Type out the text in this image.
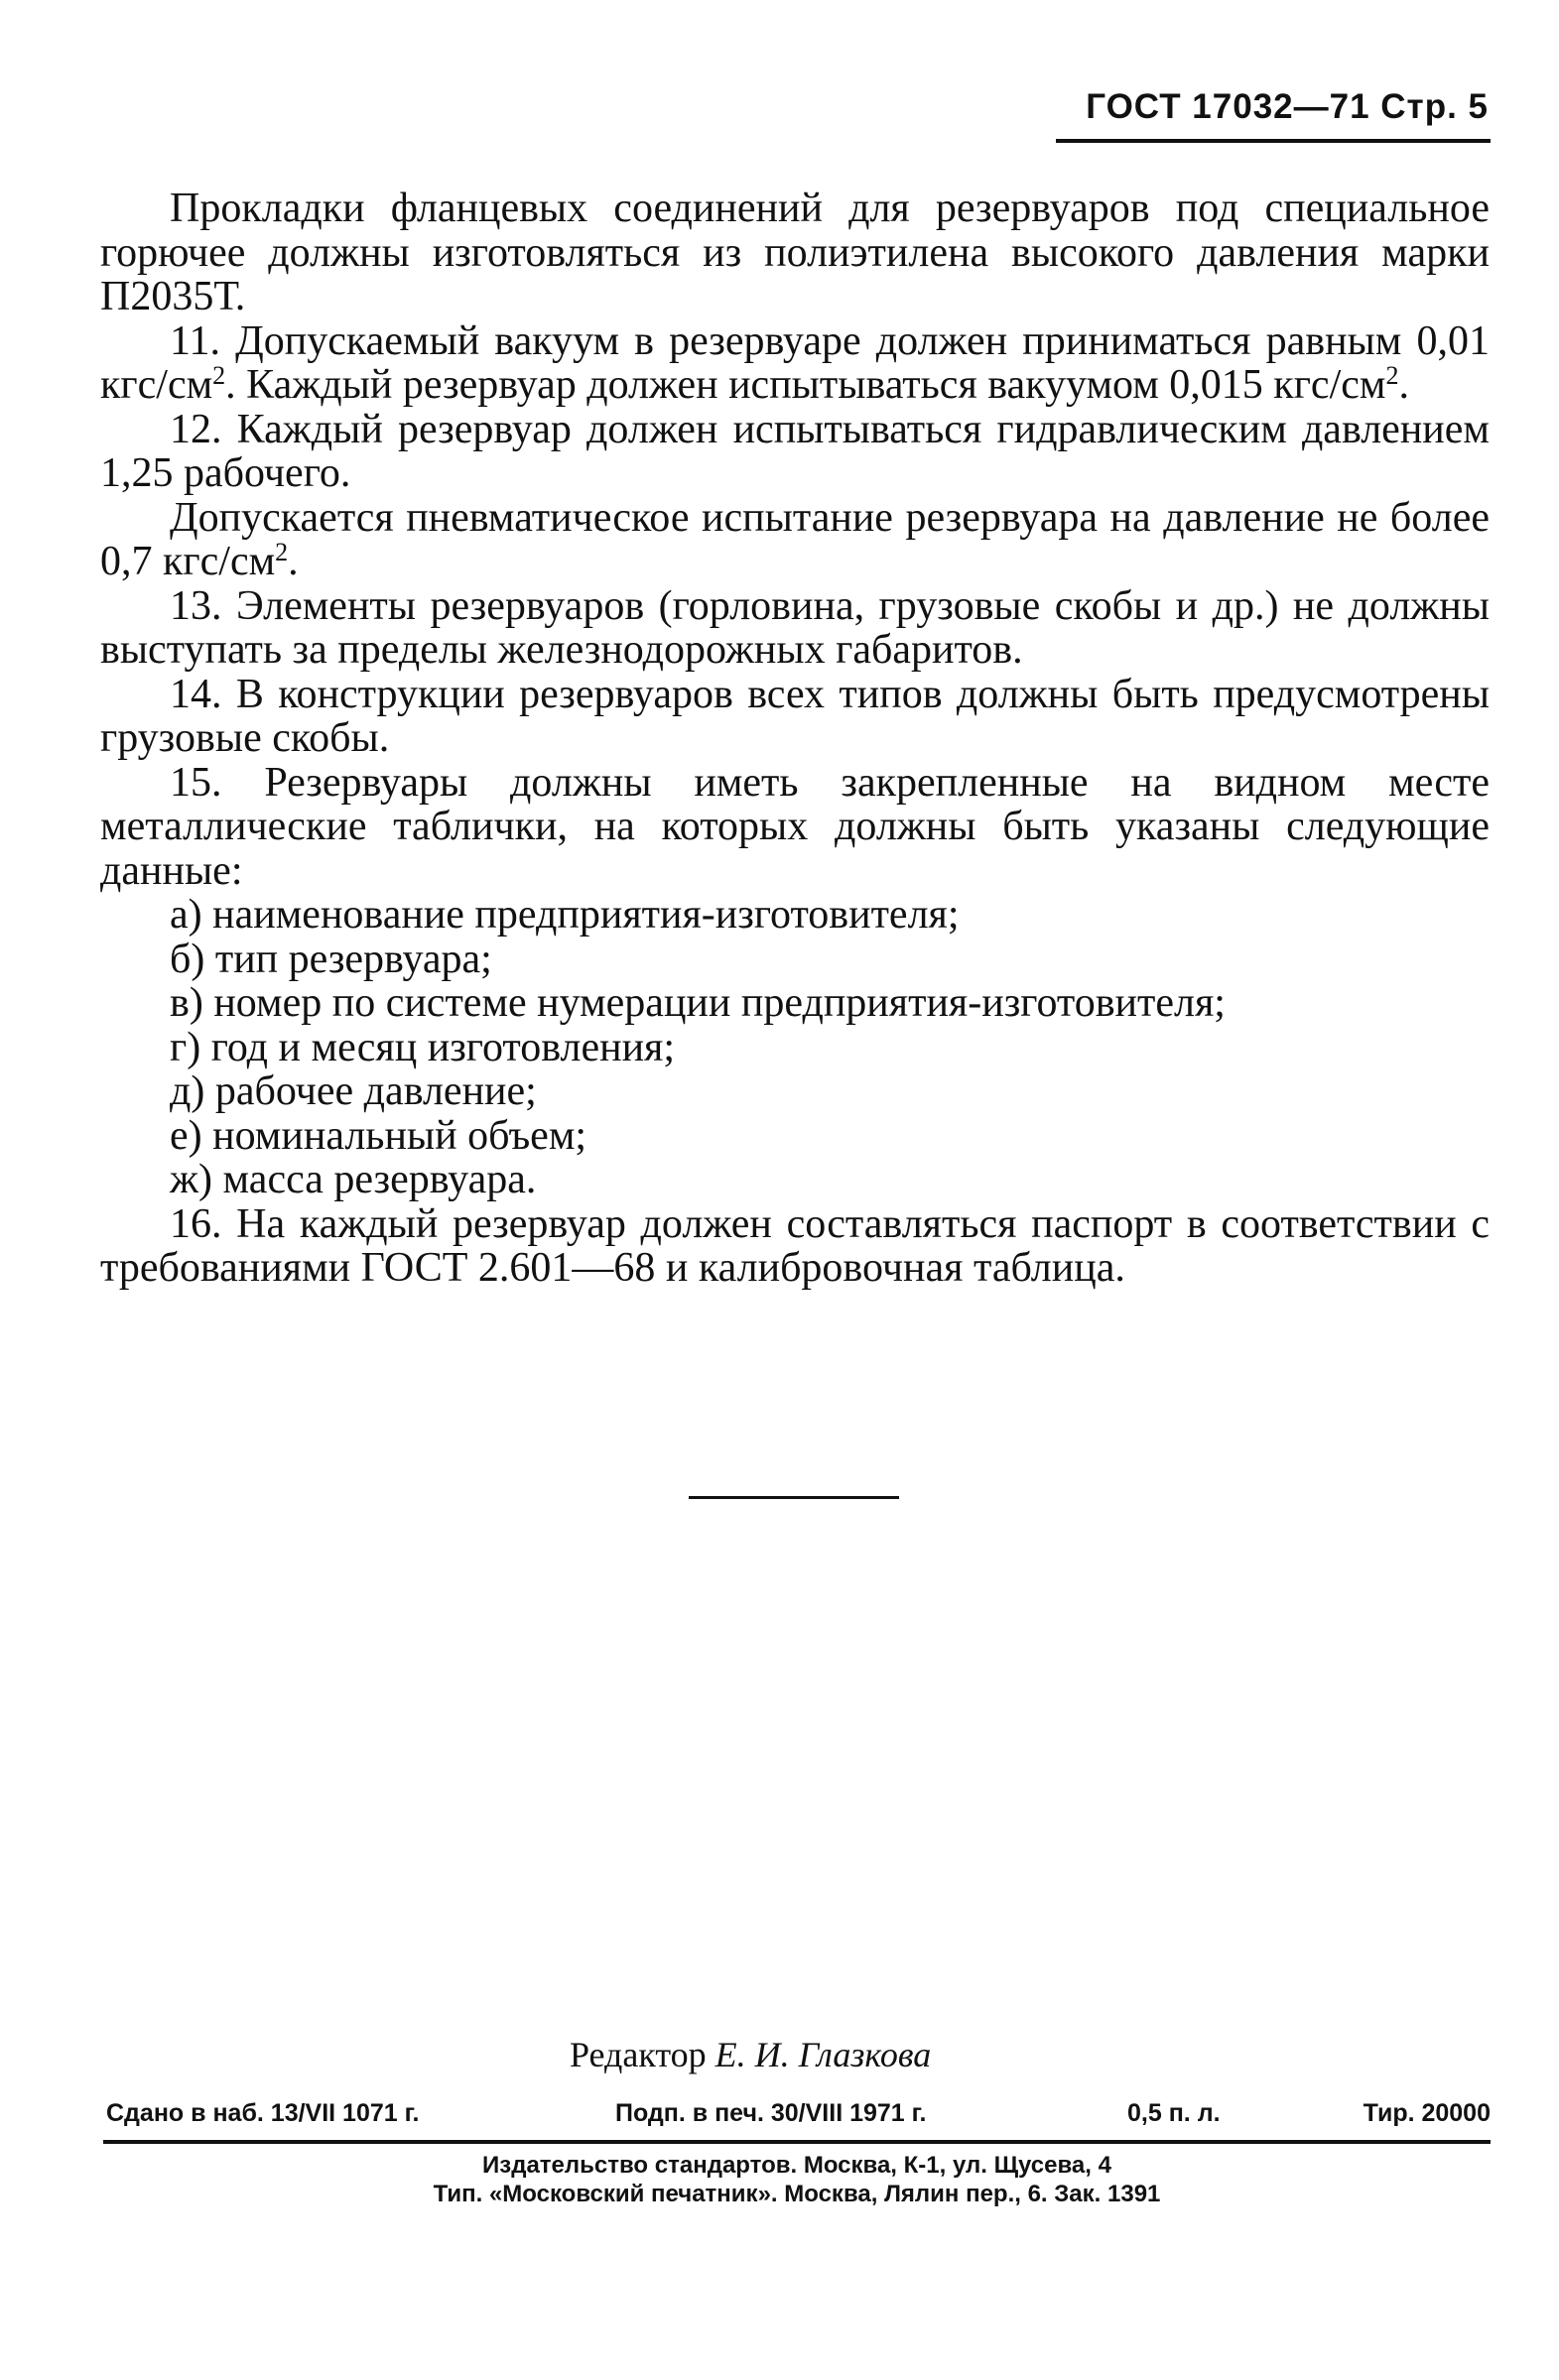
ГОСТ 17032—71 Стр. 5

Прокладки фланцевых соединений для резервуаров под специальное горючее должны изготовляться из полиэтилена высокого давления марки П2035Т.

11. Допускаемый вакуум в резервуаре должен приниматься равным 0,01 кгс/$см^2$. Каждый резервуар должен испытываться вакуумом 0,015 кгс/$см^2$.

12. Каждый резервуар должен испытываться гидравлическим давлением 1,25 рабочего.

Допускается пневматическое испытание резервуара на давление не более 0,7 кгс/$см^2$.

13. Элементы резервуаров (горловина, грузовые скобы и др.) не должны выступать за пределы железнодорожных габаритов.

14. В конструкции резервуаров всех типов должны быть предусмотрены грузовые скобы.

15. Резервуары должны иметь закрепленные на видном месте металлические таблички, на которых должны быть указаны следующие данные:

а) наименование предприятия-изготовителя;

б) тип резервуара;

в) номер по системе нумерации предприятия-изготовителя;

г) год и месяц изготовления;

д) рабочее давление;

е) номинальный объем;

ж) масса резервуара.

16. На каждый резервуар должен составляться паспорт в соответствии с требованиями ГОСТ 2.601—68 и калибровочная таблица.

Редактор Е. И. Глазкова
Сдано в наб. 13/VII 1071 г.	Подп. в печ. 30/VIII 1971 г.	0,5 п. л.	Тир. 20000
Издательство стандартов. Москва, К-1, ул. Щусева, 4
Тип. «Московский печатник». Москва, Лялин пер., 6. Зак. 1391
